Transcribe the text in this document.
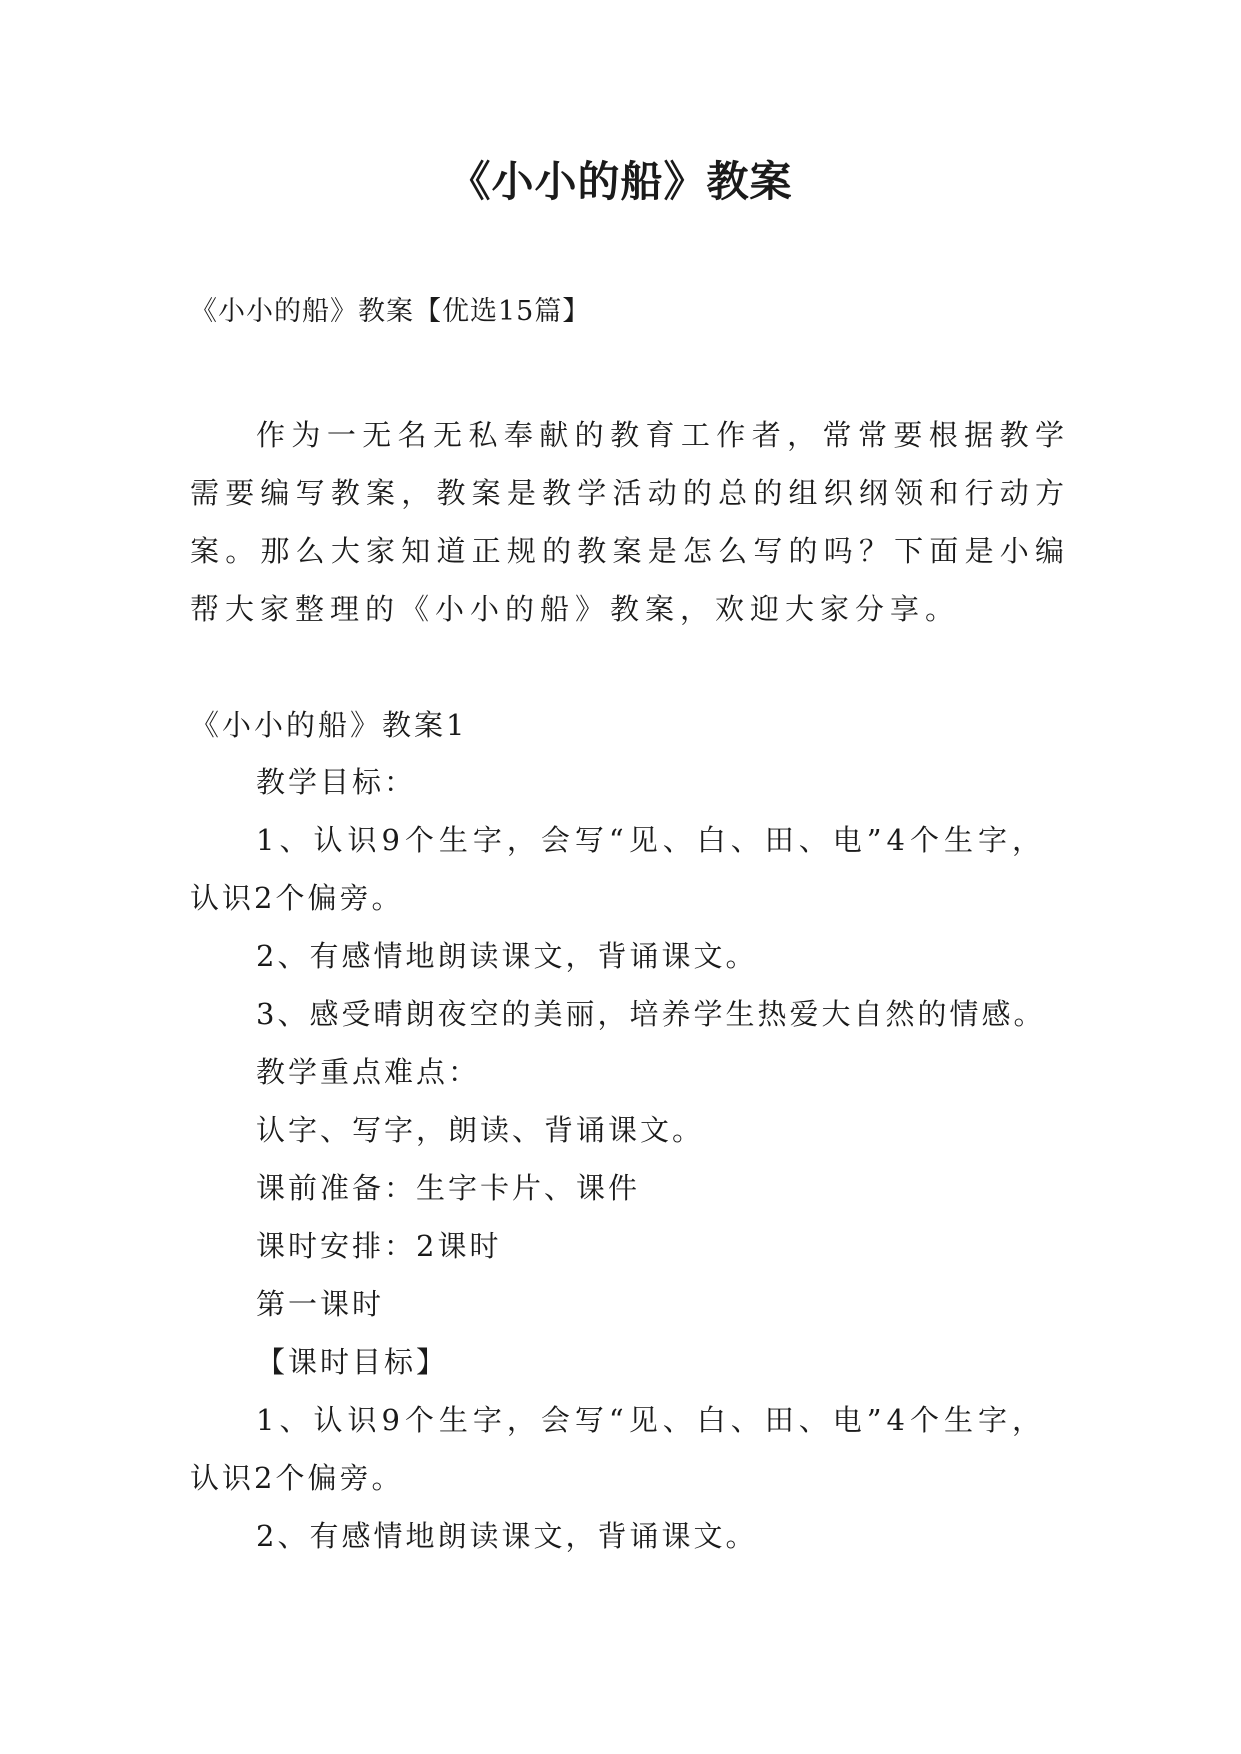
《小小的船》教案
《小小的船》教案【优选15篇】
作为一无名无私奉献的教育工作者，常常要根据教学需要编写教案，教案是教学活动的总的组织纲领和行动方案。那么大家知道正规的教案是怎么写的吗？下面是小编帮大家整理的《小小的船》教案，欢迎大家分享。
《小小的船》教案1
教学目标：
1、认识9个生字，会写“见、白、田、电”4个生字，
认识2个偏旁。
2、有感情地朗读课文，背诵课文。
3、感受晴朗夜空的美丽，培养学生热爱大自然的情感。
教学重点难点：
认字、写字，朗读、背诵课文。
课前准备：生字卡片、课件
课时安排：2课时
第一课时
【课时目标】
1、认识9个生字，会写“见、白、田、电”4个生字，
认识2个偏旁。
2、有感情地朗读课文，背诵课文。
